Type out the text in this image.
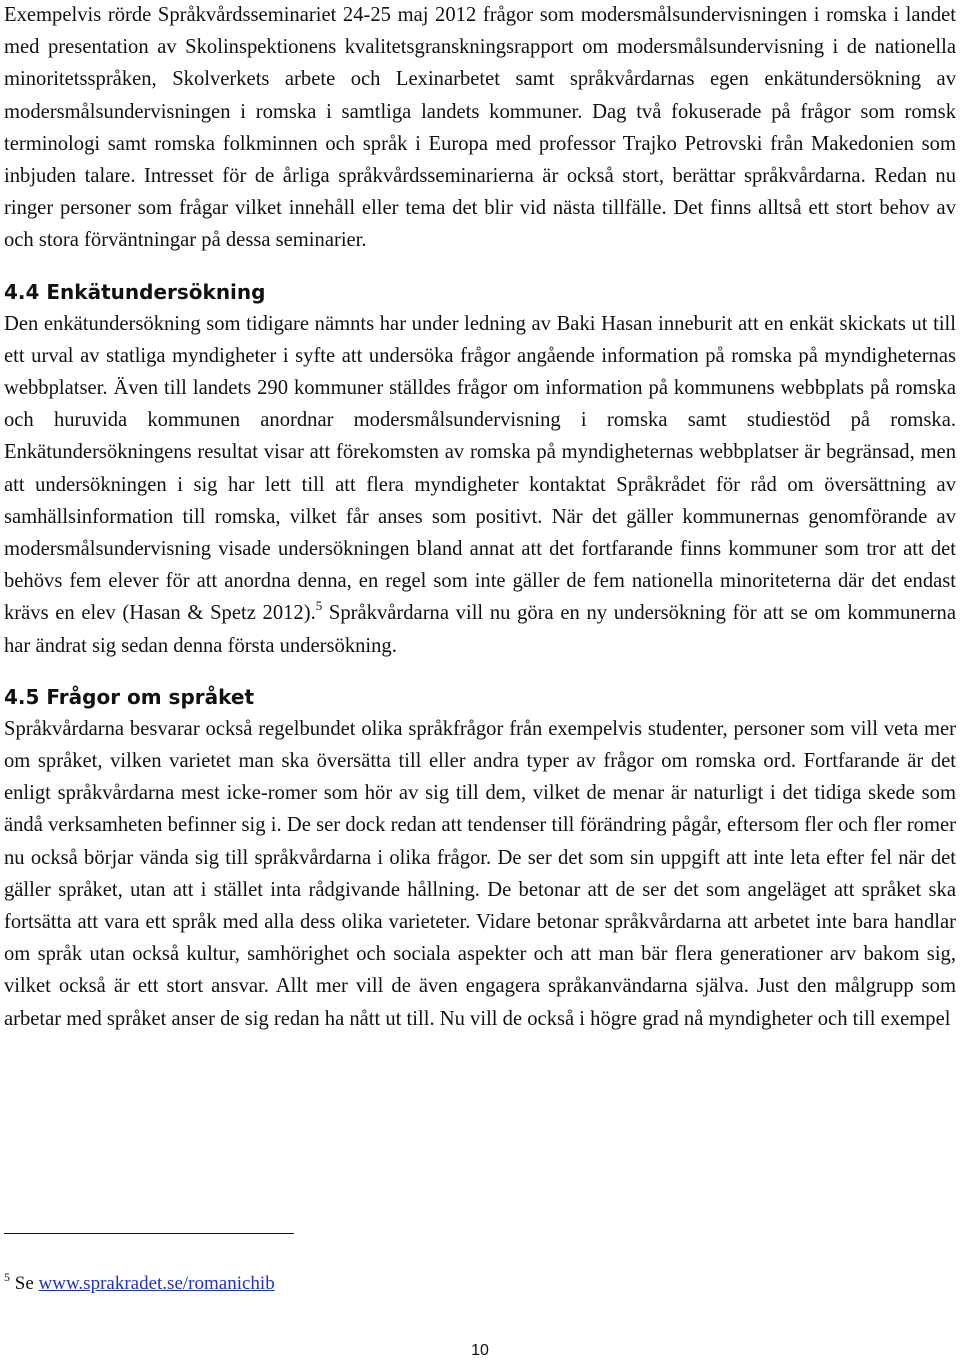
Exempelvis rörde Språkvårdsseminariet 24-25 maj 2012 frågor som modersmålsundervisningen i romska i landet med presentation av Skolinspektionens kvalitetsgranskningsrapport om modersmålsundervisning i de nationella minoritetsspråken, Skolverkets arbete och Lexinarbetet samt språkvårdarnas egen enkätundersökning av modersmålsundervisningen i romska i samtliga landets kommuner. Dag två fokuserade på frågor som romsk terminologi samt romska folkminnen och språk i Europa med professor Trajko Petrovski från Makedonien som inbjuden talare. Intresset för de årliga språkvårdsseminarierna är också stort, berättar språkvårdarna. Redan nu ringer personer som frågar vilket innehåll eller tema det blir vid nästa tillfälle. Det finns alltså ett stort behov av och stora förväntningar på dessa seminarier.

4.4 Enkätundersökning

Den enkätundersökning som tidigare nämnts har under ledning av Baki Hasan inneburit att en enkät skickats ut till ett urval av statliga myndigheter i syfte att undersöka frågor angående information på romska på myndigheternas webbplatser. Även till landets 290 kommuner ställdes frågor om information på kommunens webbplats på romska och huruvida kommunen anordnar modersmålsundervisning i romska samt studiestöd på romska. Enkätundersökningens resultat visar att förekomsten av romska på myndigheternas webbplatser är begränsad, men att undersökningen i sig har lett till att flera myndigheter kontaktat Språkrådet för råd om översättning av samhällsinformation till romska, vilket får anses som positivt. När det gäller kommunernas genomförande av modersmålsundervisning visade undersökningen bland annat att det fortfarande finns kommuner som tror att det behövs fem elever för att anordna denna, en regel som inte gäller de fem nationella minoriteterna där det endast krävs en elev (Hasan & Spetz 2012).$^5$ Språkvårdarna vill nu göra en ny undersökning för att se om kommunerna har ändrat sig sedan denna första undersökning.

4.5 Frågor om språket

Språkvårdarna besvarar också regelbundet olika språkfrågor från exempelvis studenter, personer som vill veta mer om språket, vilken varietet man ska översätta till eller andra typer av frågor om romska ord. Fortfarande är det enligt språkvårdarna mest icke-romer som hör av sig till dem, vilket de menar är naturligt i det tidiga skede som ändå verksamheten befinner sig i. De ser dock redan att tendenser till förändring pågår, eftersom fler och fler romer nu också börjar vända sig till språkvårdarna i olika frågor. De ser det som sin uppgift att inte leta efter fel när det gäller språket, utan att i stället inta rådgivande hållning. De betonar att de ser det som angeläget att språket ska fortsätta att vara ett språk med alla dess olika varieteter. Vidare betonar språkvårdarna att arbetet inte bara handlar om språk utan också kultur, samhörighet och sociala aspekter och att man bär flera generationer arv bakom sig, vilket också är ett stort ansvar. Allt mer vill de även engagera språkanvändarna själva. Just den målgrupp som arbetar med språket anser de sig redan ha nått ut till. Nu vill de också i högre grad nå myndigheter och till exempel

$^5$ Se www.sprakradet.se/romanichib
10
